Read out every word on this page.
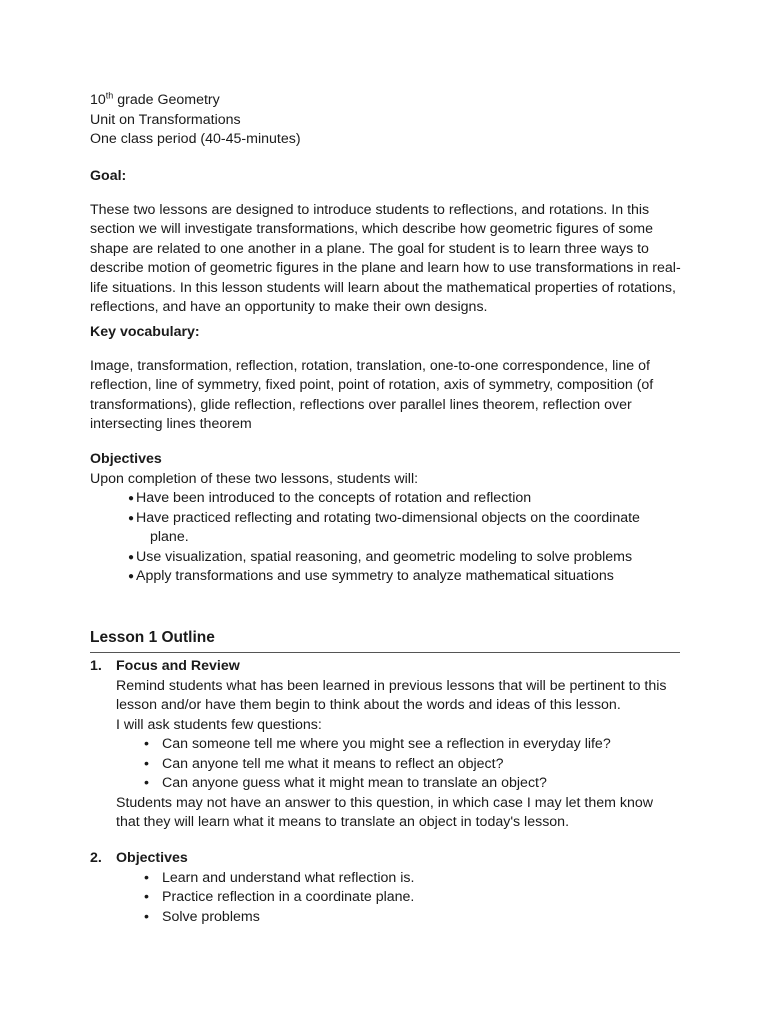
10th grade Geometry
Unit on Transformations
One class period (40-45-minutes)
Goal:
These two lessons are designed to introduce students to reflections, and rotations. In this
section we will investigate transformations, which describe how geometric figures of some
shape are related to one another in a plane. The goal for student is to learn three ways to
describe motion of geometric figures in the plane and learn how to use transformations in real-
life situations. In this lesson students will learn about the mathematical properties of rotations,
reflections, and have an opportunity to make their own designs.
Key vocabulary:
Image, transformation, reflection, rotation, translation, one-to-one correspondence, line of
reflection, line of symmetry, fixed point, point of rotation, axis of symmetry, composition (of
transformations), glide reflection, reflections over parallel lines theorem, reflection over
intersecting lines theorem
Objectives
Upon completion of these two lessons, students will:
● Have been introduced to the concepts of rotation and reflection
● Have practiced reflecting and rotating two-dimensional objects on the coordinate
plane.
● Use visualization, spatial reasoning, and geometric modeling to solve problems
● Apply transformations and use symmetry to analyze mathematical situations
Lesson 1 Outline
1. Focus and Review
Remind students what has been learned in previous lessons that will be pertinent to this
lesson and/or have them begin to think about the words and ideas of this lesson.
I will ask students few questions:
• Can someone tell me where you might see a reflection in everyday life?
• Can anyone tell me what it means to reflect an object?
• Can anyone guess what it might mean to translate an object?
Students may not have an answer to this question, in which case I may let them know
that they will learn what it means to translate an object in today's lesson.
2. Objectives
• Learn and understand what reflection is.
• Practice reflection in a coordinate plane.
• Solve problems
